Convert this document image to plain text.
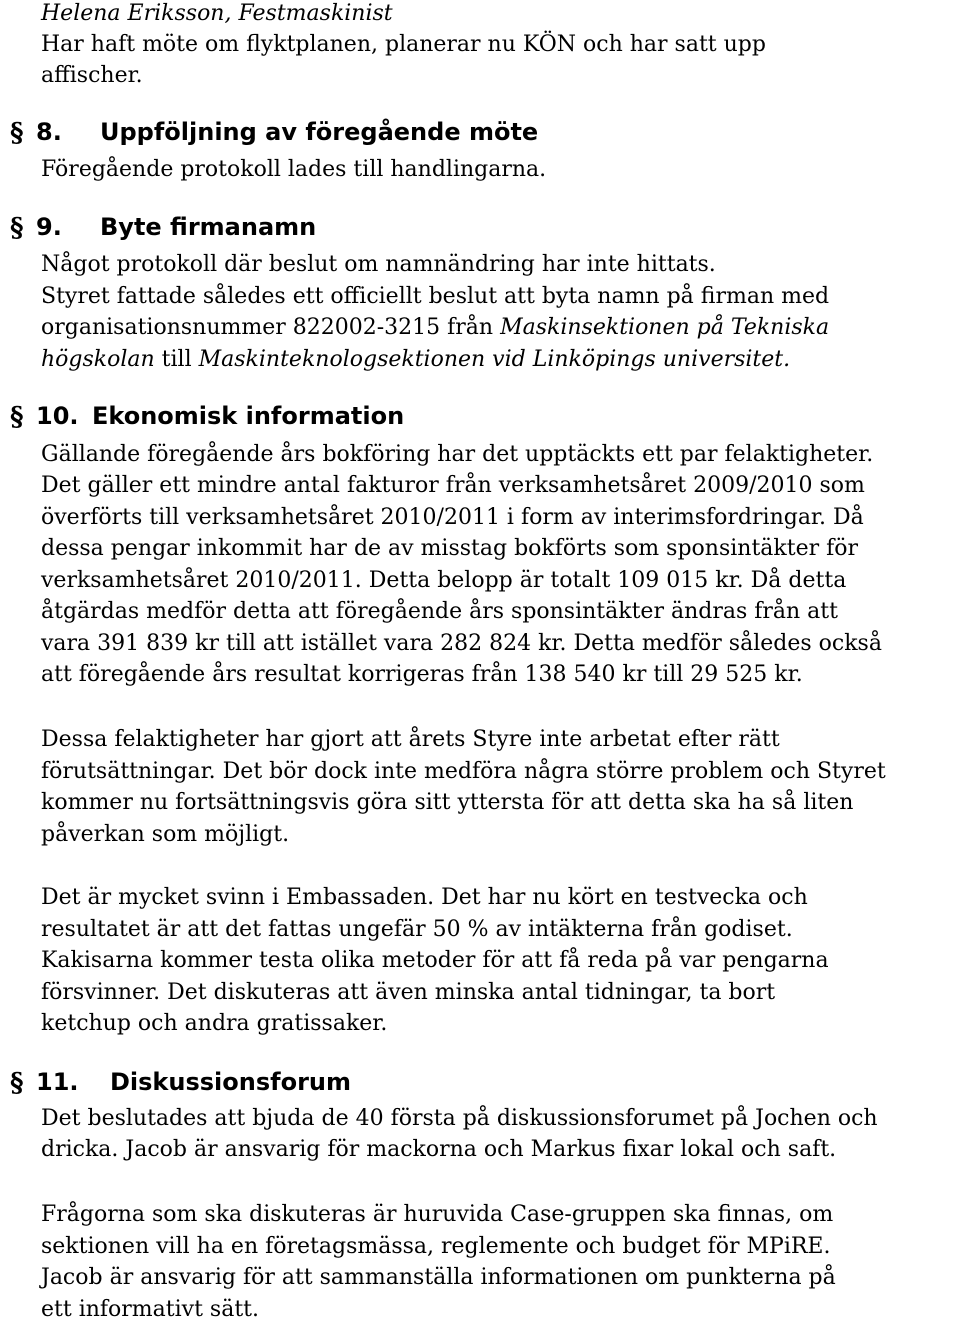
Helena Eriksson, Festmaskinist

Har haft möte om flyktplanen, planerar nu KÖN och har satt upp

affischer.

§ 8. Uppföljning av föregående möte

Föregående protokoll lades till handlingarna.

§ 9. Byte firmanamn

Något protokoll där beslut om namnändring har inte hittats.

Styret fattade således ett officiellt beslut att byta namn på firman med

organisationsnummer 822002-3215 från Maskinsektionen på Tekniska

högskolan till Maskinteknologsektionen vid Linköpings universitet.

§ 10. Ekonomisk information

Gällande föregående års bokföring har det upptäckts ett par felaktigheter.

Det gäller ett mindre antal fakturor från verksamhetsåret 2009/2010 som

överförts till verksamhetsåret 2010/2011 i form av interimsfordringar. Då

dessa pengar inkommit har de av misstag bokförts som sponsintäkter för

verksamhetsåret 2010/2011. Detta belopp är totalt 109 015 kr. Då detta

åtgärdas medför detta att föregående års sponsintäkter ändras från att

vara 391 839 kr till att istället vara 282 824 kr. Detta medför således också

att föregående års resultat korrigeras från 138 540 kr till 29 525 kr.

Dessa felaktigheter har gjort att årets Styre inte arbetat efter rätt

förutsättningar. Det bör dock inte medföra några större problem och Styret

kommer nu fortsättningsvis göra sitt yttersta för att detta ska ha så liten

påverkan som möjligt.

Det är mycket svinn i Embassaden. Det har nu kört en testvecka och

resultatet är att det fattas ungefär 50 % av intäkterna från godiset.

Kakisarna kommer testa olika metoder för att få reda på var pengarna

försvinner. Det diskuteras att även minska antal tidningar, ta bort

ketchup och andra gratissaker.

§ 11. Diskussionsforum

Det beslutades att bjuda de 40 första på diskussionsforumet på Jochen och

dricka. Jacob är ansvarig för mackorna och Markus fixar lokal och saft.

Frågorna som ska diskuteras är huruvida Case-gruppen ska finnas, om

sektionen vill ha en företagsmässa, reglemente och budget för MPiRE.

Jacob är ansvarig för att sammanställa informationen om punkterna på

ett informativt sätt.
